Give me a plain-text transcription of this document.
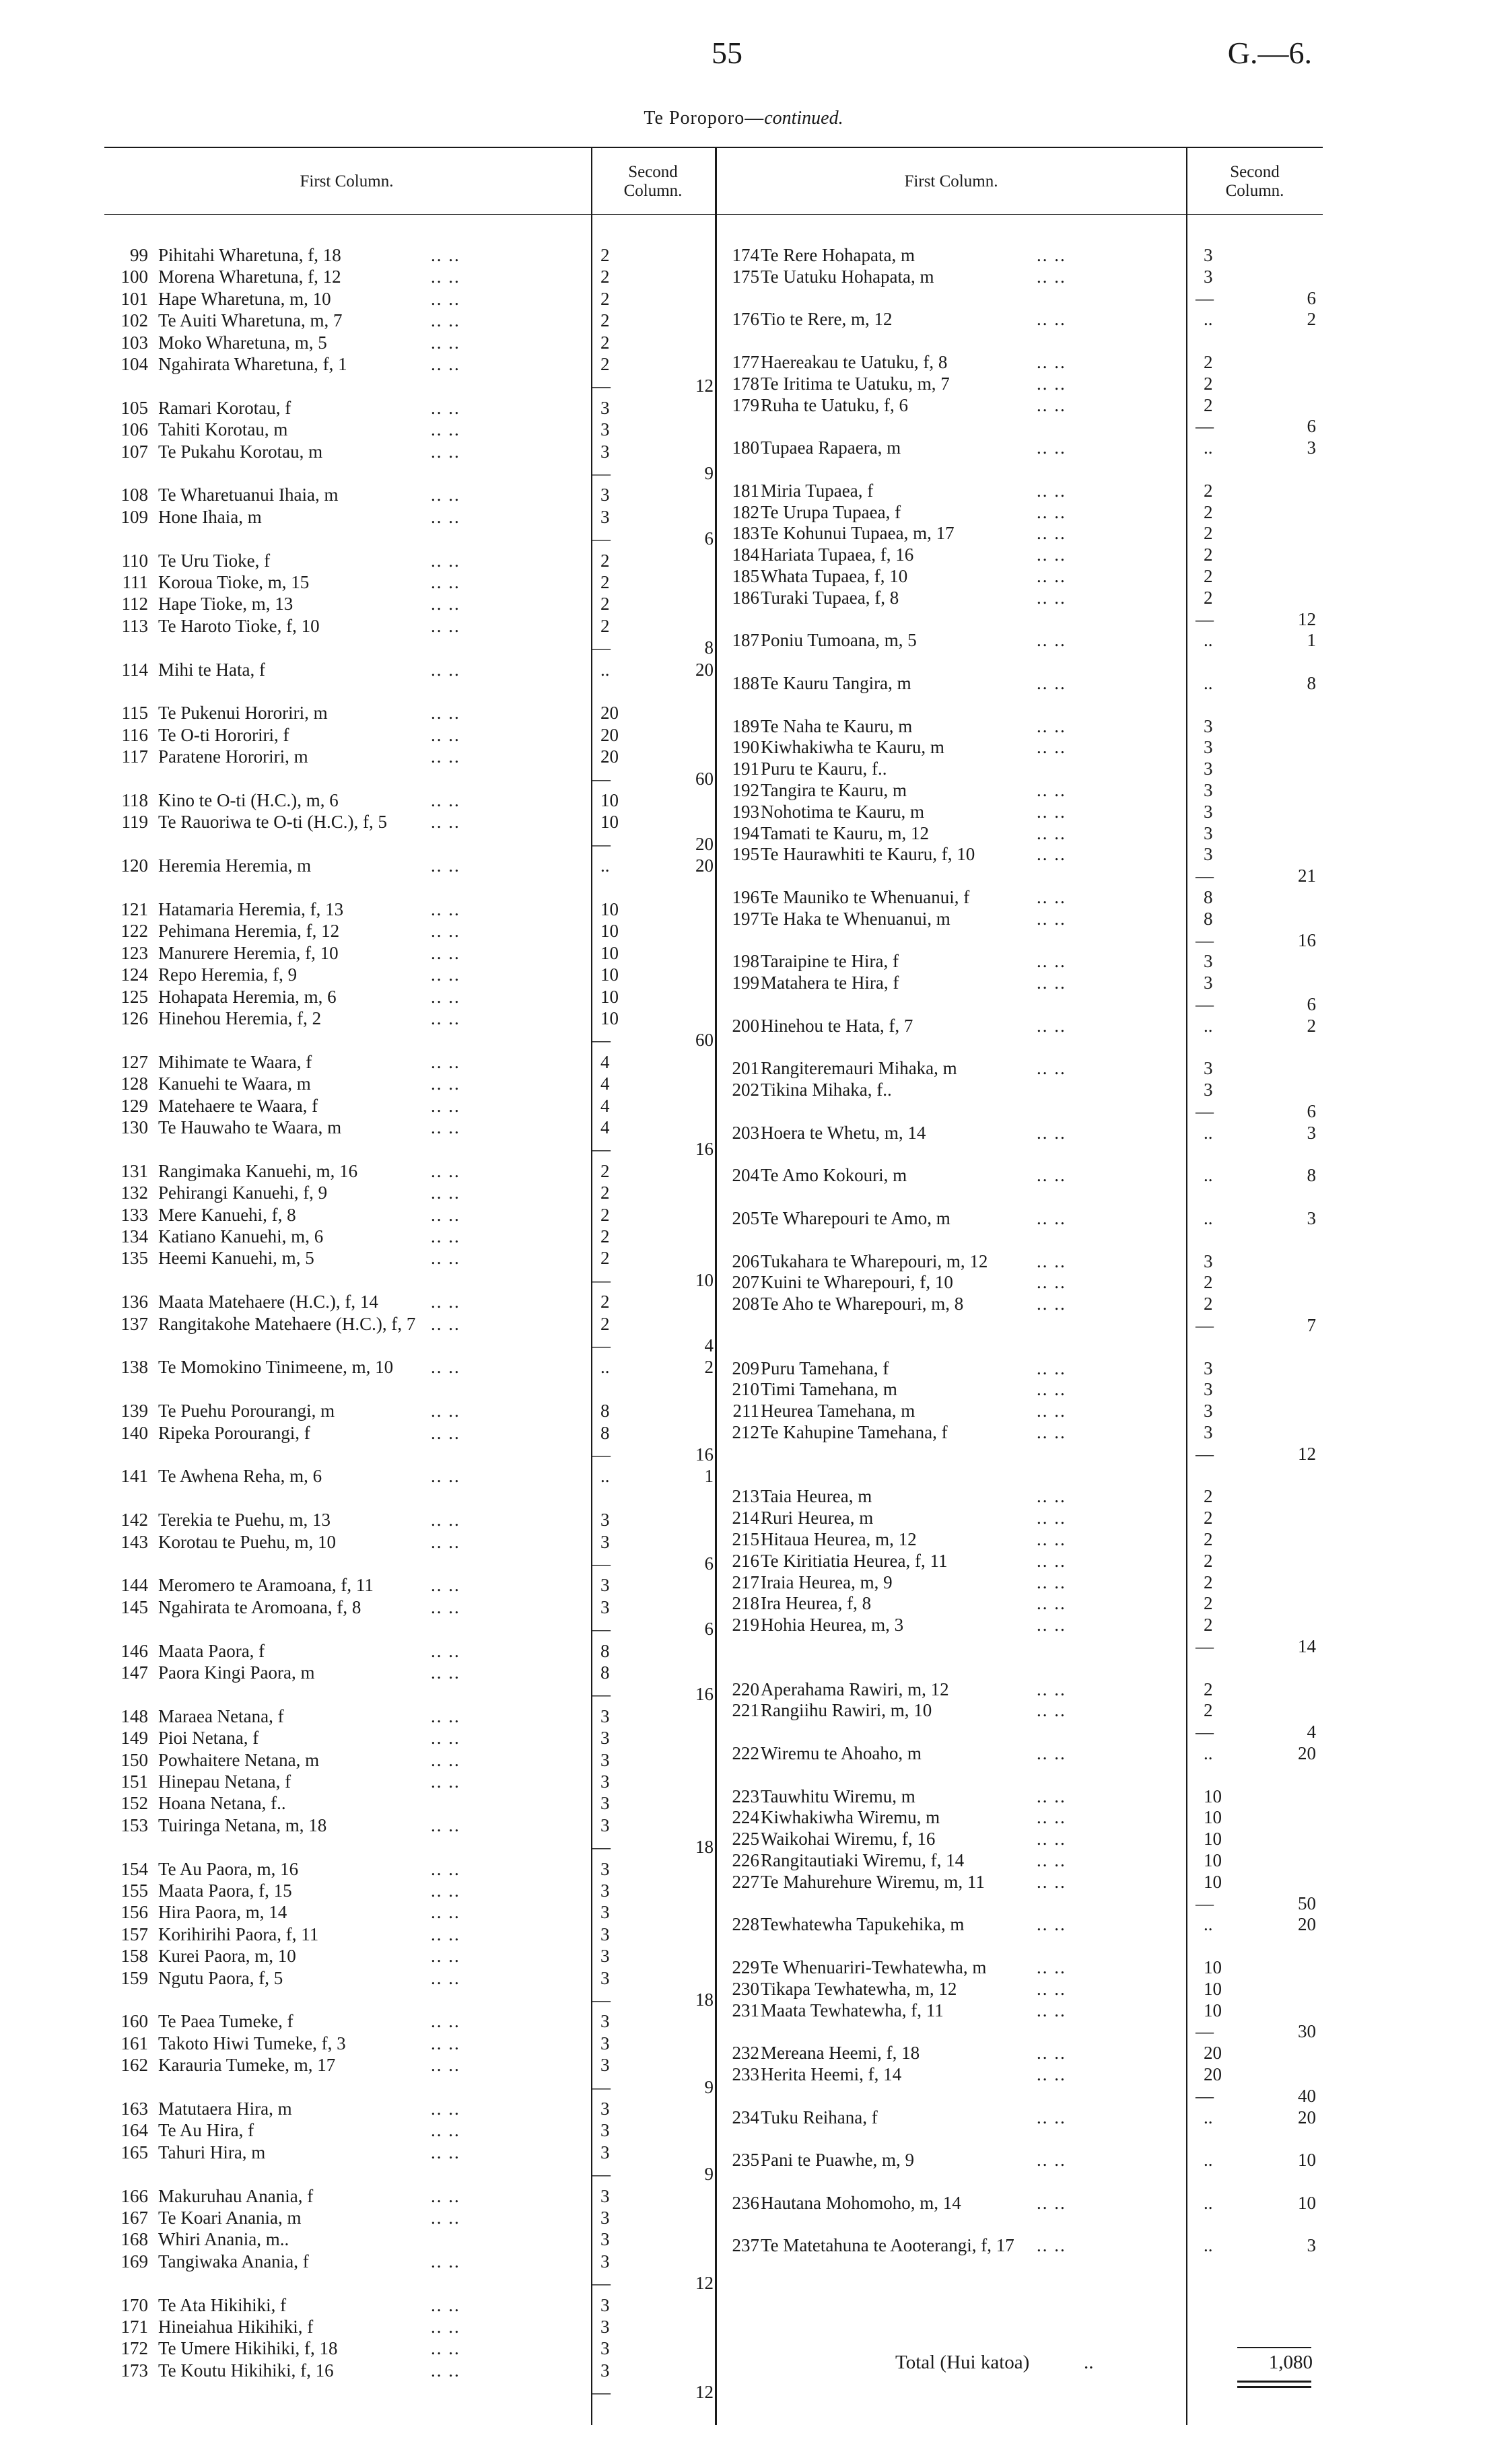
55	G.—6.
Te Poroporo—continued.
First Column.
Second
Column.
First Column.
Second
Column.
99 Pihitahi Wharetuna, f, 18	.. ..	2
100 Morena Wharetuna, f, 12	.. ..	2
101 Hape Wharetuna, m, 10	.. ..	2
102 Te Auiti Wharetuna, m, 7	.. ..	2
103 Moko Wharetuna, m, 5	.. ..	2
104 Ngahirata Wharetuna, f, 1	.. ..	2
—	12
105 Ramari Korotau, f	.. ..	3
106 Tahiti Korotau, m	.. ..	3
107 Te Pukahu Korotau, m	.. ..	3
—	9
108 Te Wharetuanui Ihaia, m	.. ..	3
109 Hone Ihaia, m	.. ..	3
—	6
110 Te Uru Tioke, f	.. ..	2
111 Koroua Tioke, m, 15	.. ..	2
112 Hape Tioke, m, 13	.. ..	2
113 Te Haroto Tioke, f, 10	.. ..	2
—	8
114 Mihi te Hata, f	.. ..	..	20
115 Te Pukenui Hororiri, m	.. ..	20
116 Te O-ti Hororiri, f	.. ..	20
117 Paratene Hororiri, m	.. ..	20
—	60
118 Kino te O-ti (H.C.), m, 6	.. ..	10
119 Te Rauoriwa te O-ti (H.C.), f, 5 .. ..	10
—	20
120 Heremia Heremia, m	.. ..	..	20
121 Hatamaria Heremia, f, 13	.. ..	10
122 Pehimana Heremia, f, 12	.. ..	10
123 Manurere Heremia, f, 10	.. ..	10
124 Repo Heremia, f, 9	.. ..	10
125 Hohapata Heremia, m, 6	.. ..	10
126 Hinehou Heremia, f, 2	.. ..	10
—	60
127 Mihimate te Waara, f	.. ..	4
128 Kanuehi te Waara, m	.. ..	4
129 Matehaere te Waara, f	.. ..	4
130 Te Hauwaho te Waara, m	.. ..	4
—	16
131 Rangimaka Kanuehi, m, 16	.. ..	2
132 Pehirangi Kanuehi, f, 9	.. ..	2
133 Mere Kanuehi, f, 8	.. ..	2
134 Katiano Kanuehi, m, 6	.. ..	2
135 Heemi Kanuehi, m, 5	.. ..	2
—	10
136 Maata Matehaere (H.C.), f, 14	.. ..	2
137 Rangitakohe Matehaere (H.C.), f, 7 .. ..	2
—	4
138 Te Momokino Tinimeene, m, 10 .. ..	..	2
139 Te Puehu Porourangi, m	.. ..	8
140 Ripeka Porourangi, f	.. ..	8
—	16
141 Te Awhena Reha, m, 6	.. ..	..	1
142 Terekia te Puehu, m, 13	.. ..	3
143 Korotau te Puehu, m, 10	.. ..	3
—	6
144 Meromero te Aramoana, f, 11	.. ..	3
145 Ngahirata te Aromoana, f, 8	.. ..	3
—	6
146 Maata Paora, f	.. ..	8
147 Paora Kingi Paora, m	.. ..	8
—	16
148 Maraea Netana, f	.. ..	3
149 Pioi Netana, f	.. ..	3
150 Powhaitere Netana, m	.. ..	3
151 Hinepau Netana, f	.. ..	3
152 Hoana Netana, f..	3
153 Tuiringa Netana, m, 18	.. ..	3
—	18
154 Te Au Paora, m, 16	.. ..	3
155 Maata Paora, f, 15	.. ..	3
156 Hira Paora, m, 14	.. ..	3
157 Korihirihi Paora, f, 11	.. ..	3
158 Kurei Paora, m, 10	.. ..	3
159 Ngutu Paora, f, 5	.. ..	3
—	18
160 Te Paea Tumeke, f	.. ..	3
161 Takoto Hiwi Tumeke, f, 3	.. ..	3
162 Karauria Tumeke, m, 17	.. ..	3
—	9
163 Matutaera Hira, m	.. ..	3
164 Te Au Hira, f	.. ..	3
165 Tahuri Hira, m	.. ..	3
—	9
166 Makuruhau Anania, f	.. ..	3
167 Te Koari Anania, m	.. ..	3
168 Whiri Anania, m..	3
169 Tangiwaka Anania, f	.. ..	3
—	12
170 Te Ata Hikihiki, f	.. ..	3
171 Hineiahua Hikihiki, f	.. ..	3
172 Te Umere Hikihiki, f, 18	.. ..	3
173 Te Koutu Hikihiki, f, 16	.. ..	3
—	12
174 Te Rere Hohapata, m	.. ..	3
175 Te Uatuku Hohapata, m	.. ..	3
—	6
176 Tio te Rere, m, 12	.. ..	..	2
177 Haereakau te Uatuku, f, 8	.. ..	2
178 Te Iritima te Uatuku, m, 7	.. ..	2
179 Ruha te Uatuku, f, 6	.. ..	2
—	6
180 Tupaea Rapaera, m	.. ..	..	3
181 Miria Tupaea, f	.. ..	2
182 Te Urupa Tupaea, f	.. ..	2
183 Te Kohunui Tupaea, m, 17	.. ..	2
184 Hariata Tupaea, f, 16	.. ..	2
185 Whata Tupaea, f, 10	.. ..	2
186 Turaki Tupaea, f, 8	.. ..	2
—	12
187 Poniu Tumoana, m, 5	.. ..	..	1
188 Te Kauru Tangira, m	.. ..	..	8
189 Te Naha te Kauru, m	.. ..	3
190 Kiwhakiwha te Kauru, m	.. ..	3
191 Puru te Kauru, f..	3
192 Tangira te Kauru, m	.. ..	3
193 Nohotima te Kauru, m	.. ..	3
194 Tamati te Kauru, m, 12	.. ..	3
195 Te Haurawhiti te Kauru, f, 10	.. ..	3
—	21
196 Te Mauniko te Whenuanui, f	.. ..	8
197 Te Haka te Whenuanui, m	.. ..	8
—	16
198 Taraipine te Hira, f	.. ..	3
199 Matahera te Hira, f	.. ..	3
—	6
200 Hinehou te Hata, f, 7	.. ..	..	2
201 Rangiteremauri Mihaka, m	.. ..	3
202 Tikina Mihaka, f..	3
—	6
203 Hoera te Whetu, m, 14	.. ..	..	3
204 Te Amo Kokouri, m	.. ..	..	8
205 Te Wharepouri te Amo, m	.. ..	..	3
206 Tukahara te Wharepouri, m, 12	.. ..	3
207 Kuini te Wharepouri, f, 10	.. ..	2
208 Te Aho te Wharepouri, m, 8	.. ..	2
—	7
209 Puru Tamehana, f	.. ..	3
210 Timi Tamehana, m	.. ..	3
211 Heurea Tamehana, m	.. ..	3
212 Te Kahupine Tamehana, f	.. ..	3
—	12
213 Taia Heurea, m	.. ..	2
214 Ruri Heurea, m	.. ..	2
215 Hitaua Heurea, m, 12	.. ..	2
216 Te Kiritiatia Heurea, f, 11	.. ..	2
217 Iraia Heurea, m, 9	.. ..	2
218 Ira Heurea, f, 8	.. ..	2
219 Hohia Heurea, m, 3	.. ..	2
—	14
220 Aperahama Rawiri, m, 12	.. ..	2
221 Rangiihu Rawiri, m, 10	.. ..	2
—	4
222 Wiremu te Ahoaho, m	.. ..	..	20
223 Tauwhitu Wiremu, m	.. ..	10
224 Kiwhakiwha Wiremu, m	.. ..	10
225 Waikohai Wiremu, f, 16	.. ..	10
226 Rangitautiaki Wiremu, f, 14	.. ..	10
227 Te Mahurehure Wiremu, m, 11	.. ..	10
—	50
228 Tewhatewha Tapukehika, m	.. ..	..	20
229 Te Whenuariri-Tewhatewha, m	.. ..	10
230 Tikapa Tewhatewha, m, 12	.. ..	10
231 Maata Tewhatewha, f, 11	.. ..	10
—	30
232 Mereana Heemi, f, 18	.. ..	20
233 Herita Heemi, f, 14	.. ..	20
—	40
234 Tuku Reihana, f	.. ..	..	20
235 Pani te Puawhe, m, 9	.. ..	..	10
236 Hautana Mohomoho, m, 14	.. ..	..	10
237 Te Matetahuna te Aooterangi, f, 17 .. ..	..	3
Total (Hui katoa)	..	1,080
